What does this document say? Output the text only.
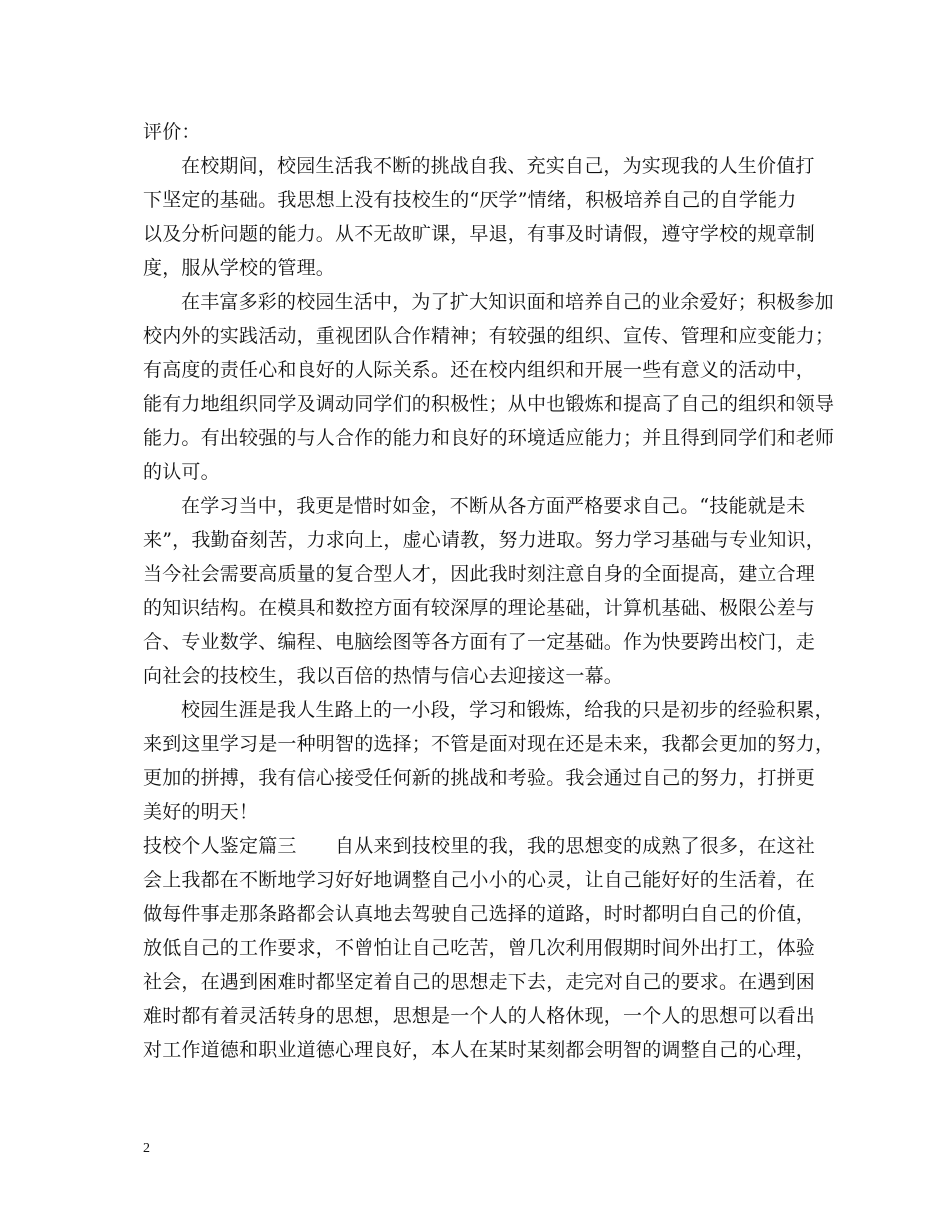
评价：
在校期间，校园生活我不断的挑战自我、充实自己，为实现我的人生价值打
下坚定的基础。我思想上没有技校生的“厌学”情绪，积极培养自己的自学能力
以及分析问题的能力。从不无故旷课，早退，有事及时请假，遵守学校的规章制
度，服从学校的管理。
在丰富多彩的校园生活中，为了扩大知识面和培养自己的业余爱好；积极参加
校内外的实践活动，重视团队合作精神；有较强的组织、宣传、管理和应变能力；
有高度的责任心和良好的人际关系。还在校内组织和开展一些有意义的活动中，
能有力地组织同学及调动同学们的积极性；从中也锻炼和提高了自己的组织和领导
能力。有出较强的与人合作的能力和良好的环境适应能力；并且得到同学们和老师
的认可。
在学习当中，我更是惜时如金，不断从各方面严格要求自己。“技能就是未
来”，我勤奋刻苦，力求向上，虚心请教，努力进取。努力学习基础与专业知识，
当今社会需要高质量的复合型人才，因此我时刻注意自身的全面提高，建立合理
的知识结构。在模具和数控方面有较深厚的理论基础，计算机基础、极限公差与
合、专业数学、编程、电脑绘图等各方面有了一定基础。作为快要跨出校门，走
向社会的技校生，我以百倍的热情与信心去迎接这一幕。
校园生涯是我人生路上的一小段，学习和锻炼，给我的只是初步的经验积累，
来到这里学习是一种明智的选择；不管是面对现在还是未来，我都会更加的努力，
更加的拼搏，我有信心接受任何新的挑战和考验。我会通过自己的努力，打拼更
美好的明天！
技校个人鉴定篇三　　自从来到技校里的我，我的思想变的成熟了很多，在这社
会上我都在不断地学习好好地调整自己小小的心灵，让自己能好好的生活着，在
做每件事走那条路都会认真地去驾驶自己选择的道路，时时都明白自己的价值，
放低自己的工作要求，不曾怕让自己吃苦，曾几次利用假期时间外出打工，体验
社会，在遇到困难时都坚定着自己的思想走下去，走完对自己的要求。在遇到困
难时都有着灵活转身的思想，思想是一个人的人格休现，一个人的思想可以看出
对工作道德和职业道德心理良好，本人在某时某刻都会明智的调整自己的心理，
2
